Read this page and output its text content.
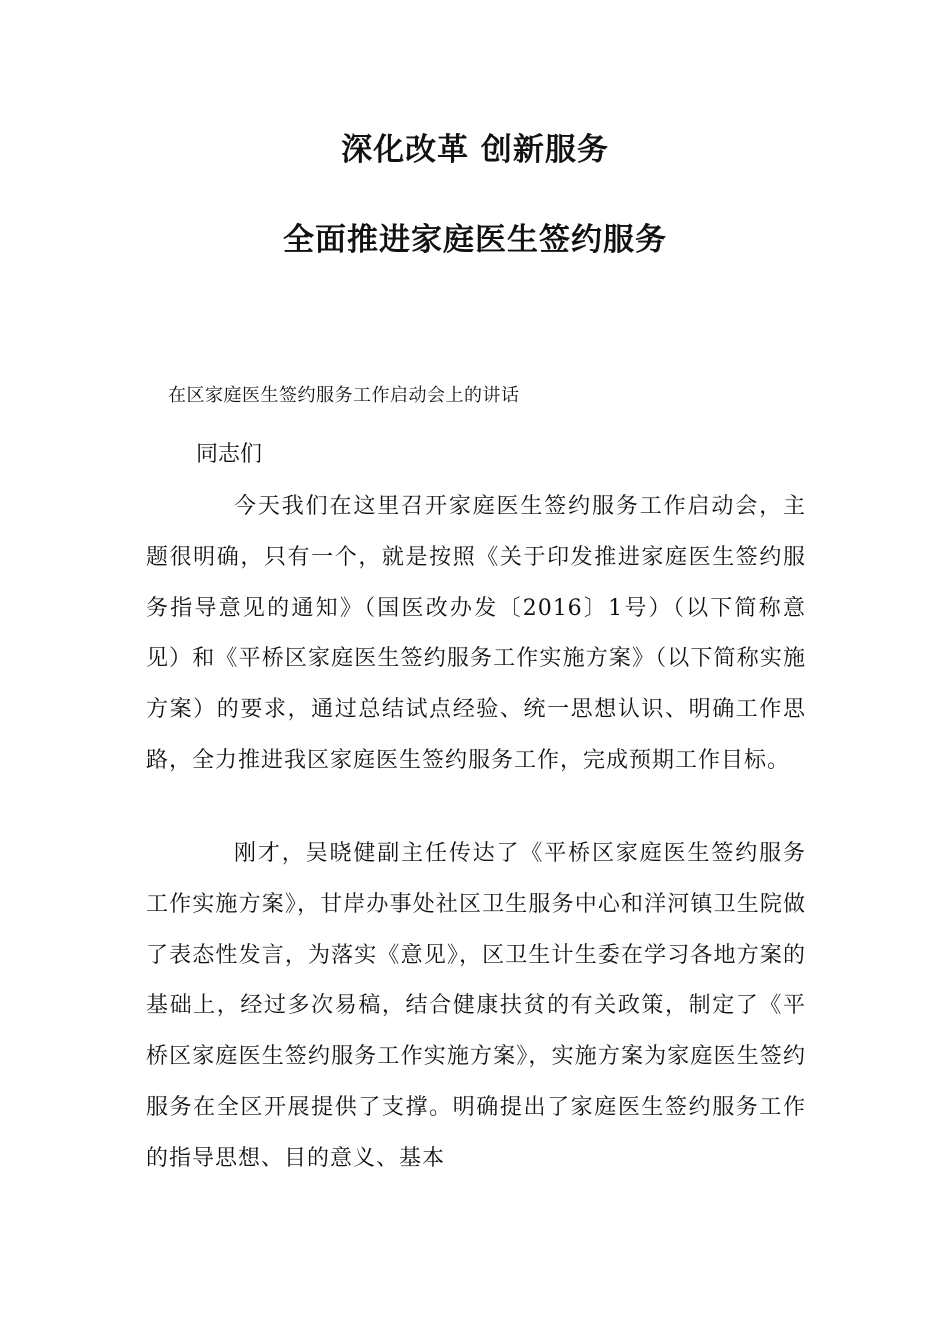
深化改革 创新服务
全面推进家庭医生签约服务

在区家庭医生签约服务工作启动会上的讲话

同志们

今天我们在这里召开家庭医生签约服务工作启动会，主题很明确，只有一个，就是按照《关于印发推进家庭医生签约服务指导意见的通知》（国医改办发〔2016〕1号）（以下简称意见）和《平桥区家庭医生签约服务工作实施方案》（以下简称实施方案）的要求，通过总结试点经验、统一思想认识、明确工作思路，全力推进我区家庭医生签约服务工作，完成预期工作目标。

刚才，吴晓健副主任传达了《平桥区家庭医生签约服务工作实施方案》，甘岸办事处社区卫生服务中心和洋河镇卫生院做了表态性发言，为落实《意见》，区卫生计生委在学习各地方案的基础上，经过多次易稿，结合健康扶贫的有关政策，制定了《平桥区家庭医生签约服务工作实施方案》，实施方案为家庭医生签约服务在全区开展提供了支撑。明确提出了家庭医生签约服务工作的指导思想、目的意义、基本
